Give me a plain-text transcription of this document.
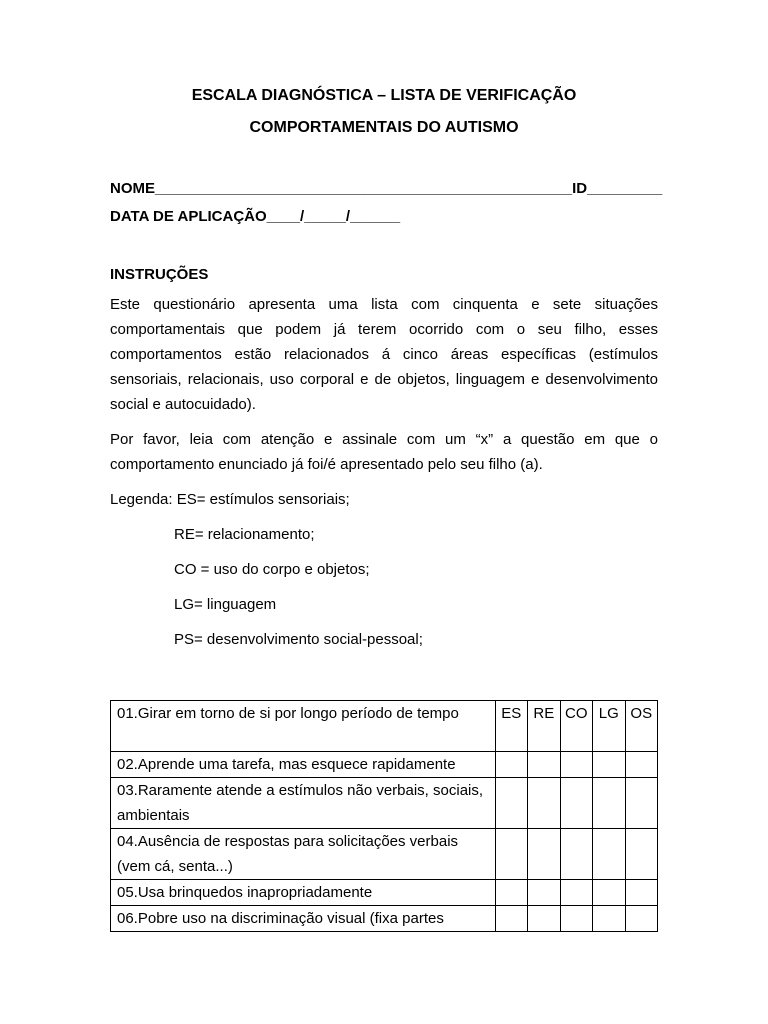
ESCALA DIAGNÓSTICA – LISTA DE VERIFICAÇÃO
COMPORTAMENTAIS DO AUTISMO
NOME__________________________________________________ID_________
DATA DE APLICAÇÃO____/_____/______
INSTRUÇÕES
Este questionário apresenta uma lista com cinquenta e sete situações comportamentais que podem já terem ocorrido com o seu filho, esses comportamentos estão relacionados á cinco áreas específicas (estímulos sensoriais, relacionais, uso corporal e de objetos, linguagem e desenvolvimento social e autocuidado).
Por favor, leia com atenção e assinale com um “x” a questão em que o comportamento enunciado já foi/é apresentado pelo seu filho (a).
Legenda: ES= estímulos sensoriais;
RE= relacionamento;
CO = uso do corpo e objetos;
LG= linguagem
PS= desenvolvimento social-pessoal;
01.Girar em torno de si por longo período de tempo	ES	RE	CO	LG	OS
02.Aprende uma tarefa, mas esquece rapidamente					
03.Raramente atende a estímulos não verbais, sociais, ambientais					
04.Ausência de respostas para solicitações verbais (vem cá, senta...)					
05.Usa brinquedos inapropriadamente					
06.Pobre uso na discriminação visual (fixa partes					
